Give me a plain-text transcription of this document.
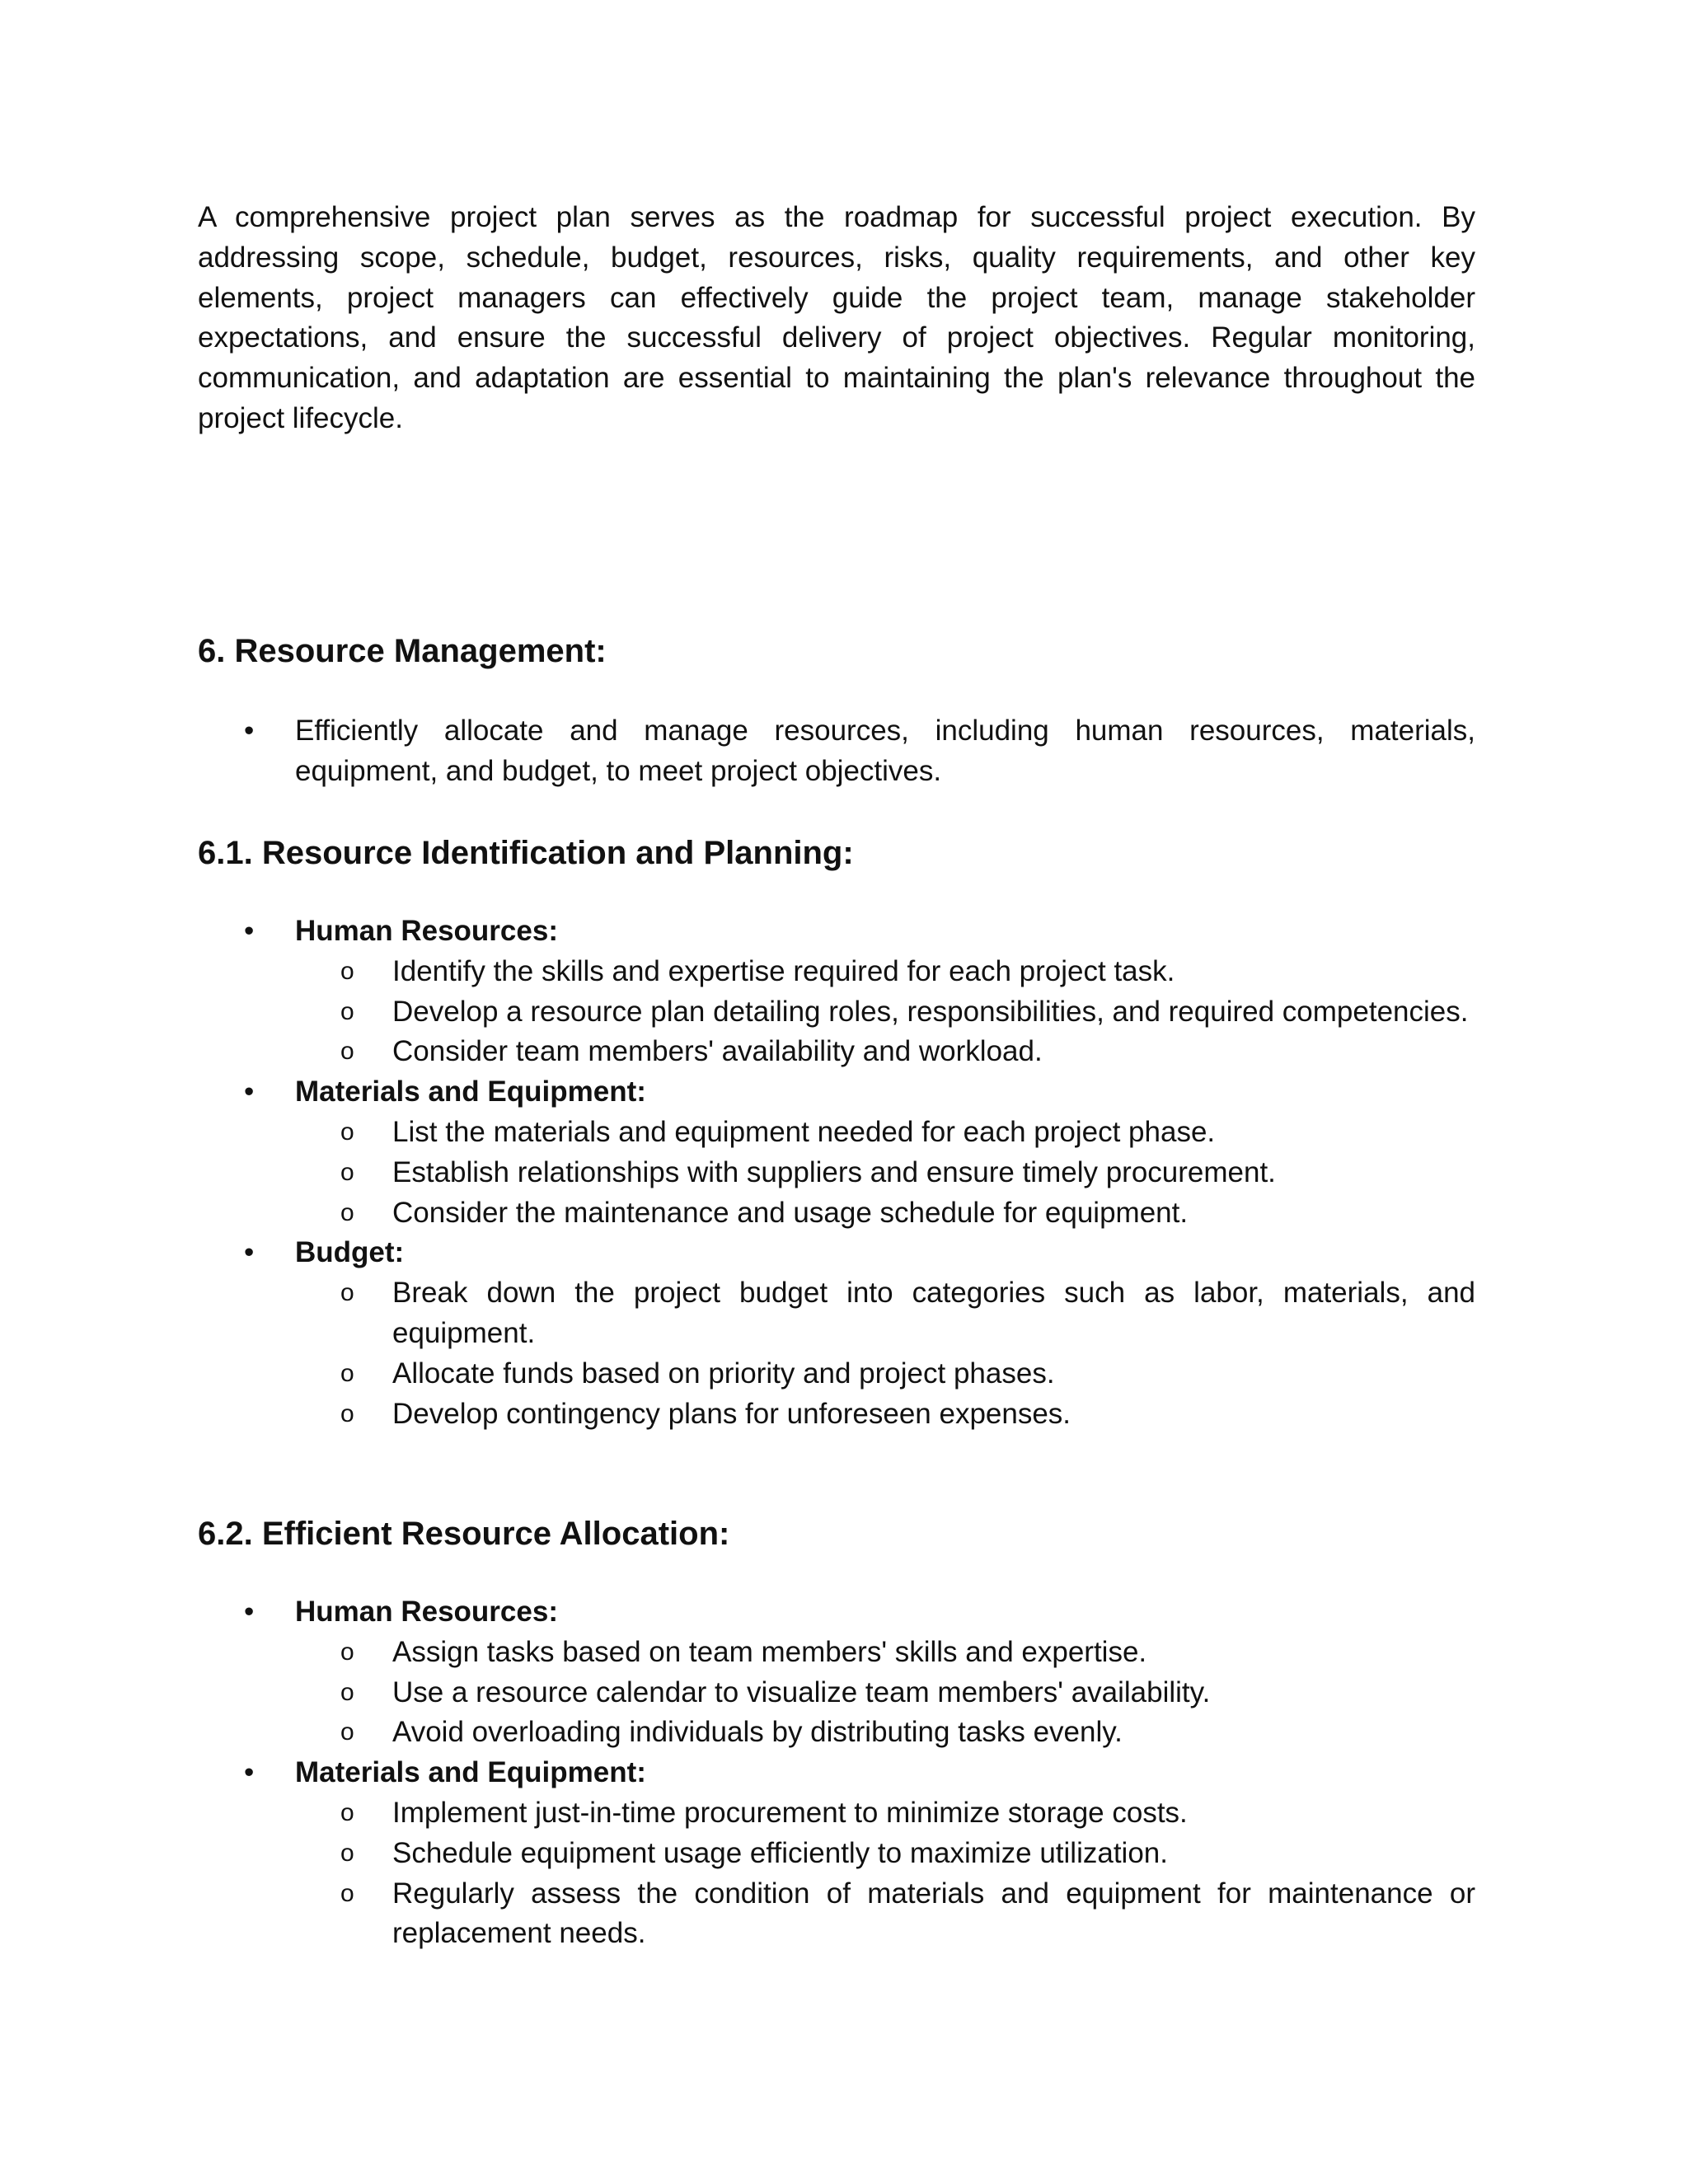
A comprehensive project plan serves as the roadmap for successful project execution. By addressing scope, schedule, budget, resources, risks, quality requirements, and other key elements, project managers can effectively guide the project team, manage stakeholder expectations, and ensure the successful delivery of project objectives. Regular monitoring, communication, and adaptation are essential to maintaining the plan's relevance throughout the project lifecycle.

6. Resource Management:
• Efficiently allocate and manage resources, including human resources, materials, equipment, and budget, to meet project objectives.
6.1. Resource Identification and Planning:
• Human Resources:
o Identify the skills and expertise required for each project task.
o Develop a resource plan detailing roles, responsibilities, and required competencies.
o Consider team members' availability and workload.
• Materials and Equipment:
o List the materials and equipment needed for each project phase.
o Establish relationships with suppliers and ensure timely procurement.
o Consider the maintenance and usage schedule for equipment.
• Budget:
o Break down the project budget into categories such as labor, materials, and equipment.
o Allocate funds based on priority and project phases.
o Develop contingency plans for unforeseen expenses.
6.2. Efficient Resource Allocation:
• Human Resources:
o Assign tasks based on team members' skills and expertise.
o Use a resource calendar to visualize team members' availability.
o Avoid overloading individuals by distributing tasks evenly.
• Materials and Equipment:
o Implement just-in-time procurement to minimize storage costs.
o Schedule equipment usage efficiently to maximize utilization.
o Regularly assess the condition of materials and equipment for maintenance or replacement needs.
